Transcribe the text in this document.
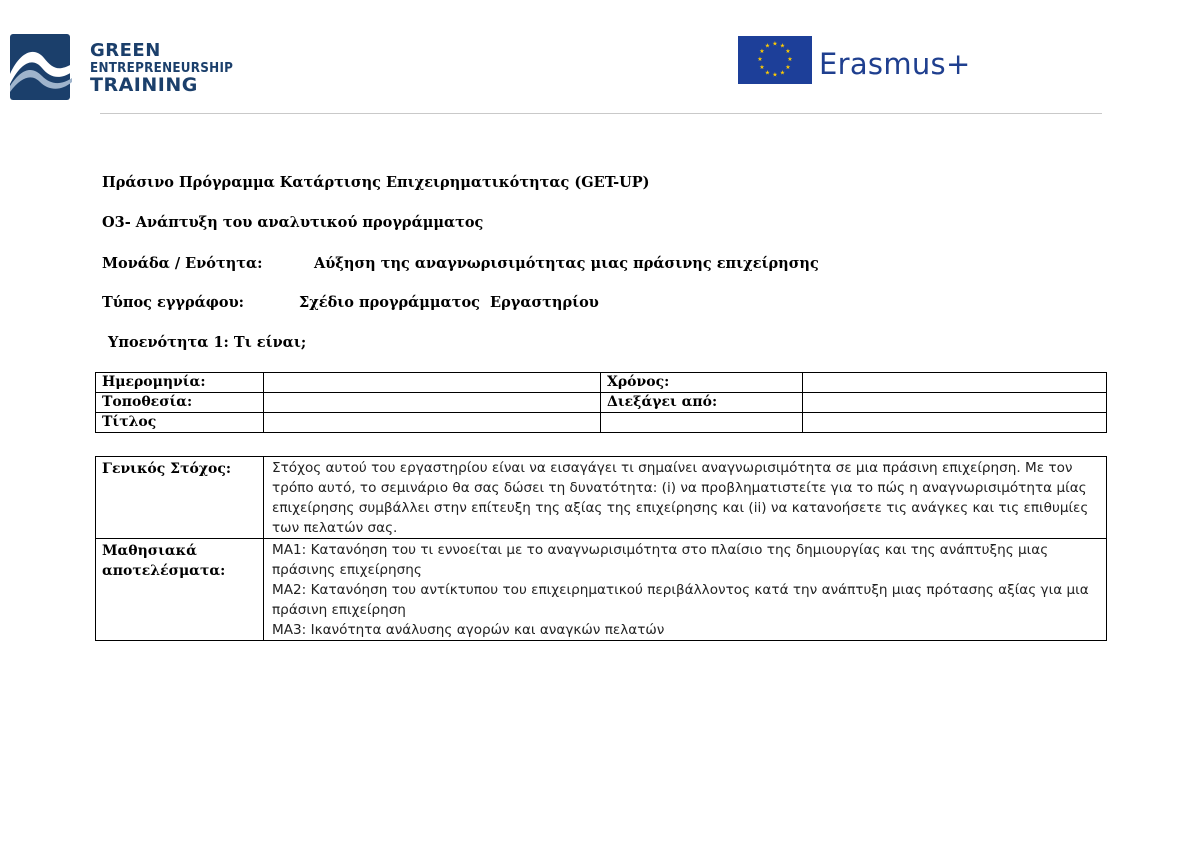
GREEN
ENTREPRENEURSHIP
TRAINING
★ ★
★
★
★
★
★
★
★
★
★
★
Erasmus+
Πράσινο Πρόγραμμα Κατάρτισης Επιχειρηματικότητας (GET-UP)
O3- Ανάπτυξη του αναλυτικού προγράμματος
Μονάδα / Ενότητα:	Αύξηση της αναγνωρισιμότητας μιας πράσινης επιχείρησης
Τύπος εγγράφου:	Σχέδιο προγράμματος  Εργαστηρίου
Υποενότητα 1: Τι είναι;
Ημερομηνία:		Χρόνος:	
Τοποθεσία:		Διεξάγει από:	
Τίτλος			
Γενικός Στόχος:	Στόχος αυτού του εργαστηρίου είναι να εισαγάγει τι σημαίνει αναγνωρισιμότητα σε μια πράσινη επιχείρηση. Με τον τρόπο αυτό, το σεμινάριο θα σας δώσει τη δυνατότητα: (i) να προβληματιστείτε για το πώς η αναγνωρισιμότητα μίας επιχείρησης συμβάλλει στην επίτευξη της αξίας της επιχείρησης και (ii) να κατανοήσετε τις ανάγκες και τις επιθυμίες των πελατών σας.
Μαθησιακά αποτελέσματα:	ΜΑ1: Κατανόηση του τι εννοείται με το αναγνωρισιμότητα στο πλαίσιο της δημιουργίας και της ανάπτυξης μιας πράσινης επιχείρησης
ΜΑ2: Κατανόηση του αντίκτυπου του επιχειρηματικού περιβάλλοντος κατά την ανάπτυξη μιας πρότασης αξίας για μια πράσινη επιχείρηση
ΜΑ3: Ικανότητα ανάλυσης αγορών και αναγκών πελατών
